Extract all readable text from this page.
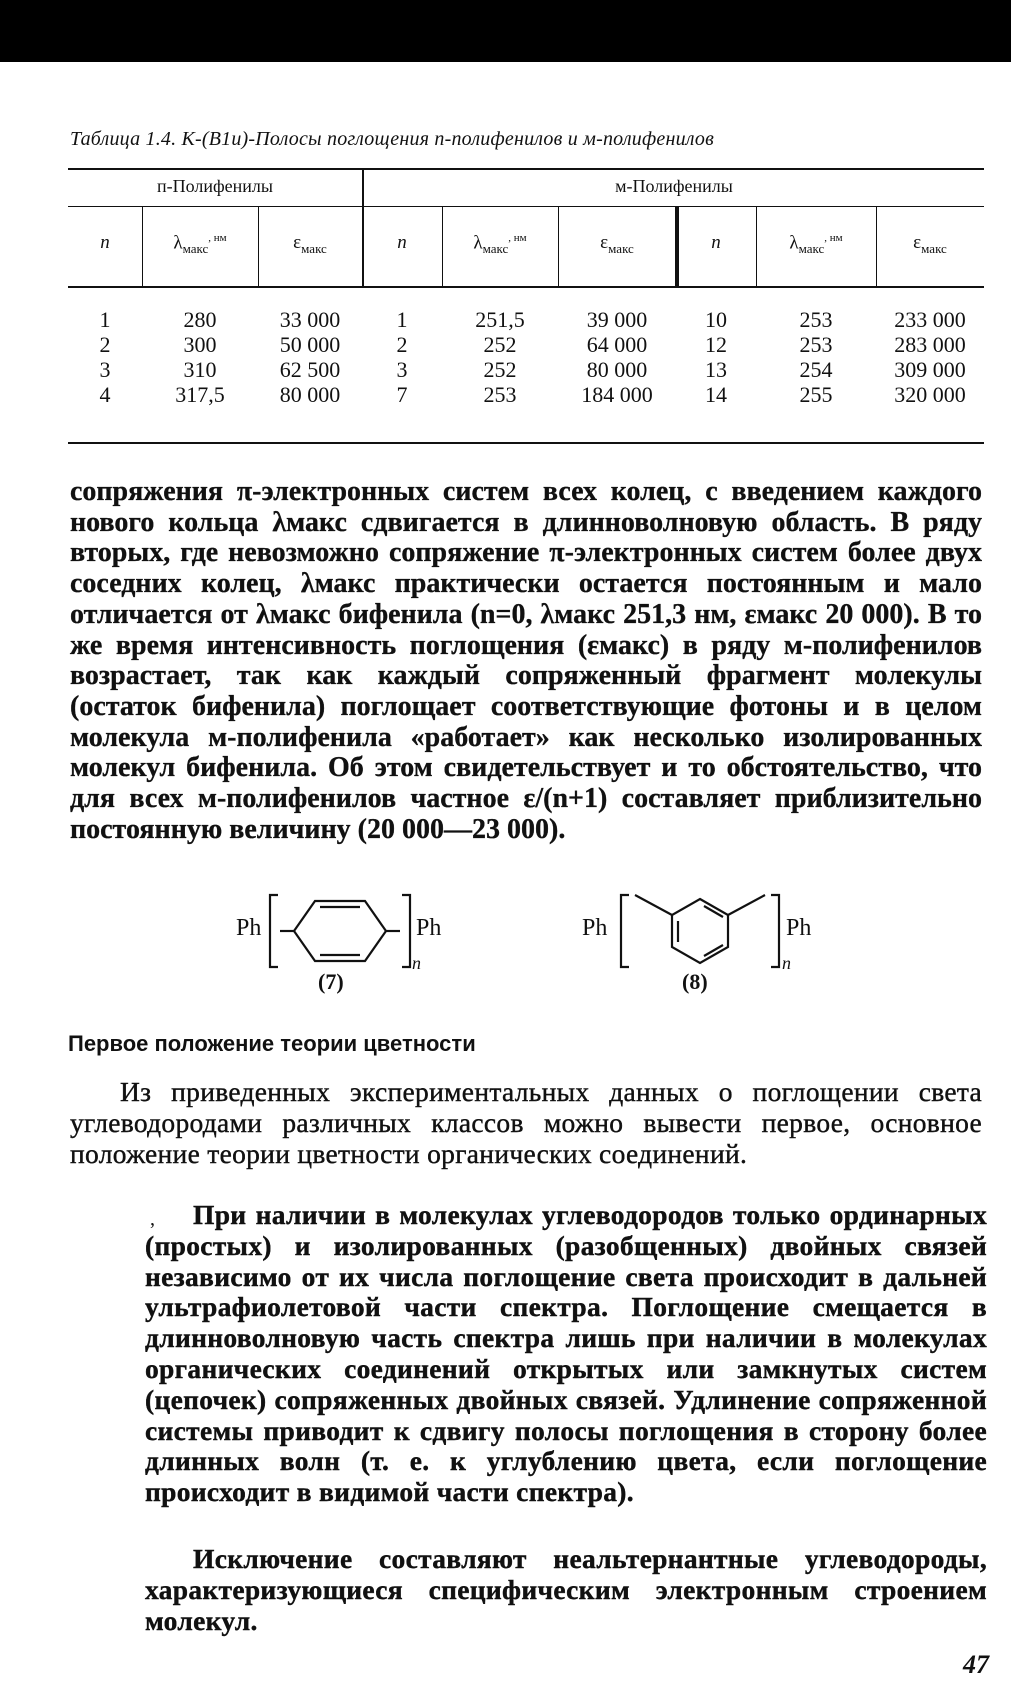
Таблица 1.4. К-(B1u)-Полосы поглощения п-полифенилов и м-полифенилов
п-Полифенилы	м-Полифенилы
n	$\lambda_{макс}^{, нм}$	$\varepsilon_{макс}$	n	$\lambda_{макс}^{, нм}$	$\varepsilon_{макс}$	n	$\lambda_{макс}^{, нм}$	$\varepsilon_{макс}$
1	280	33 000	1	251,5	39 000	10	253	233 000
2	300	50 000	2	252	64 000	12	253	283 000
3	310	62 500	3	252	80 000	13	254	309 000
4	317,5	80 000	7	253	184 000	14	255	320 000

сопряжения π-электронных систем всех колец, с введением каждого нового кольца λмакс сдвигается в длинноволновую область. В ряду вторых, где невозможно сопряжение π-электронных систем более двух соседних колец, λмакс практически остается постоянным и мало отличается от λмакс бифенила (n=0, λмакс 251,3 нм, εмакс 20 000). В то же время интенсивность поглощения (εмакс) в ряду м-полифенилов возрастает, так как каждый сопряженный фрагмент молекулы (остаток бифенила) поглощает соответствующие фотоны и в целом молекула м-полифенила «работает» как несколько изолированных молекул бифенила. Об этом свидетельствует и то обстоятельство, что для всех м-полифенилов частное ε/(n+1) составляет приблизительно постоянную величину (20 000—23 000).

Ph	Ph
n
(7)
Ph	Ph
n
(8)
Первое положение теории цветности

Из приведенных экспериментальных данных о поглощении света углеводородами различных классов можно вывести первое, основное положение теории цветности органических соединений.

,	При наличии в молекулах углеводородов только ординарных (простых) и изолированных (разобщенных) двойных связей независимо от их числа поглощение света происходит в дальней ультрафиолетовой части спектра. Поглощение смещается в длинноволновую часть спектра лишь при наличии в молекулах органических соединений открытых или замкнутых систем (цепочек) сопряженных двойных связей. Удлинение сопряженной системы приводит к сдвигу полосы поглощения в сторону более длинных волн (т. е. к углублению цвета, если поглощение происходит в видимой части спектра).

Исключение составляют неальтернантные углеводороды, характеризующиеся специфическим электронным строением молекул.

47
